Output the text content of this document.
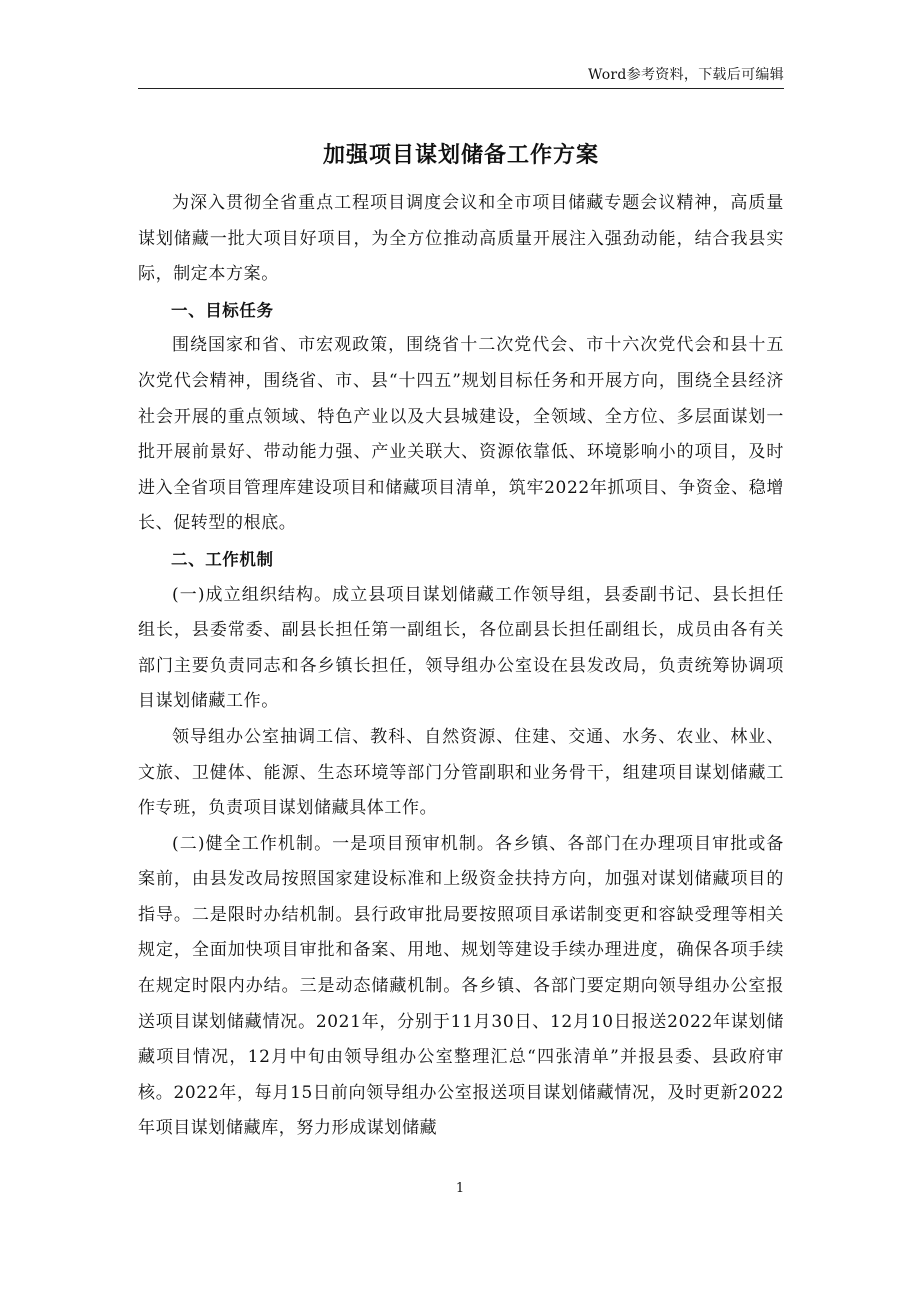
Word参考资料，下载后可编辑
加强项目谋划储备工作方案

为深入贯彻全省重点工程项目调度会议和全市项目储藏专题会议精神，高质量谋划储藏一批大项目好项目，为全方位推动高质量开展注入强劲动能，结合我县实际，制定本方案。

一、目标任务

围绕国家和省、市宏观政策，围绕省十二次党代会、市十六次党代会和县十五次党代会精神，围绕省、市、县“十四五”规划目标任务和开展方向，围绕全县经济社会开展的重点领域、特色产业以及大县城建设，全领域、全方位、多层面谋划一批开展前景好、带动能力强、产业关联大、资源依靠低、环境影响小的项目，及时进入全省项目管理库建设项目和储藏项目清单，筑牢2022年抓项目、争资金、稳增长、促转型的根底。

二、工作机制

(一)成立组织结构。成立县项目谋划储藏工作领导组，县委副书记、县长担任组长，县委常委、副县长担任第一副组长，各位副县长担任副组长，成员由各有关部门主要负责同志和各乡镇长担任，领导组办公室设在县发改局，负责统筹协调项目谋划储藏工作。

领导组办公室抽调工信、教科、自然资源、住建、交通、水务、农业、林业、文旅、卫健体、能源、生态环境等部门分管副职和业务骨干，组建项目谋划储藏工作专班，负责项目谋划储藏具体工作。

(二)健全工作机制。一是项目预审机制。各乡镇、各部门在办理项目审批或备案前，由县发改局按照国家建设标准和上级资金扶持方向，加强对谋划储藏项目的指导。二是限时办结机制。县行政审批局要按照项目承诺制变更和容缺受理等相关规定，全面加快项目审批和备案、用地、规划等建设手续办理进度，确保各项手续在规定时限内办结。三是动态储藏机制。各乡镇、各部门要定期向领导组办公室报送项目谋划储藏情况。2021年，分别于11月30日、12月10日报送2022年谋划储藏项目情况，12月中旬由领导组办公室整理汇总“四张清单”并报县委、县政府审核。2022年，每月15日前向领导组办公室报送项目谋划储藏情况，及时更新2022年项目谋划储藏库，努力形成谋划储藏

1
